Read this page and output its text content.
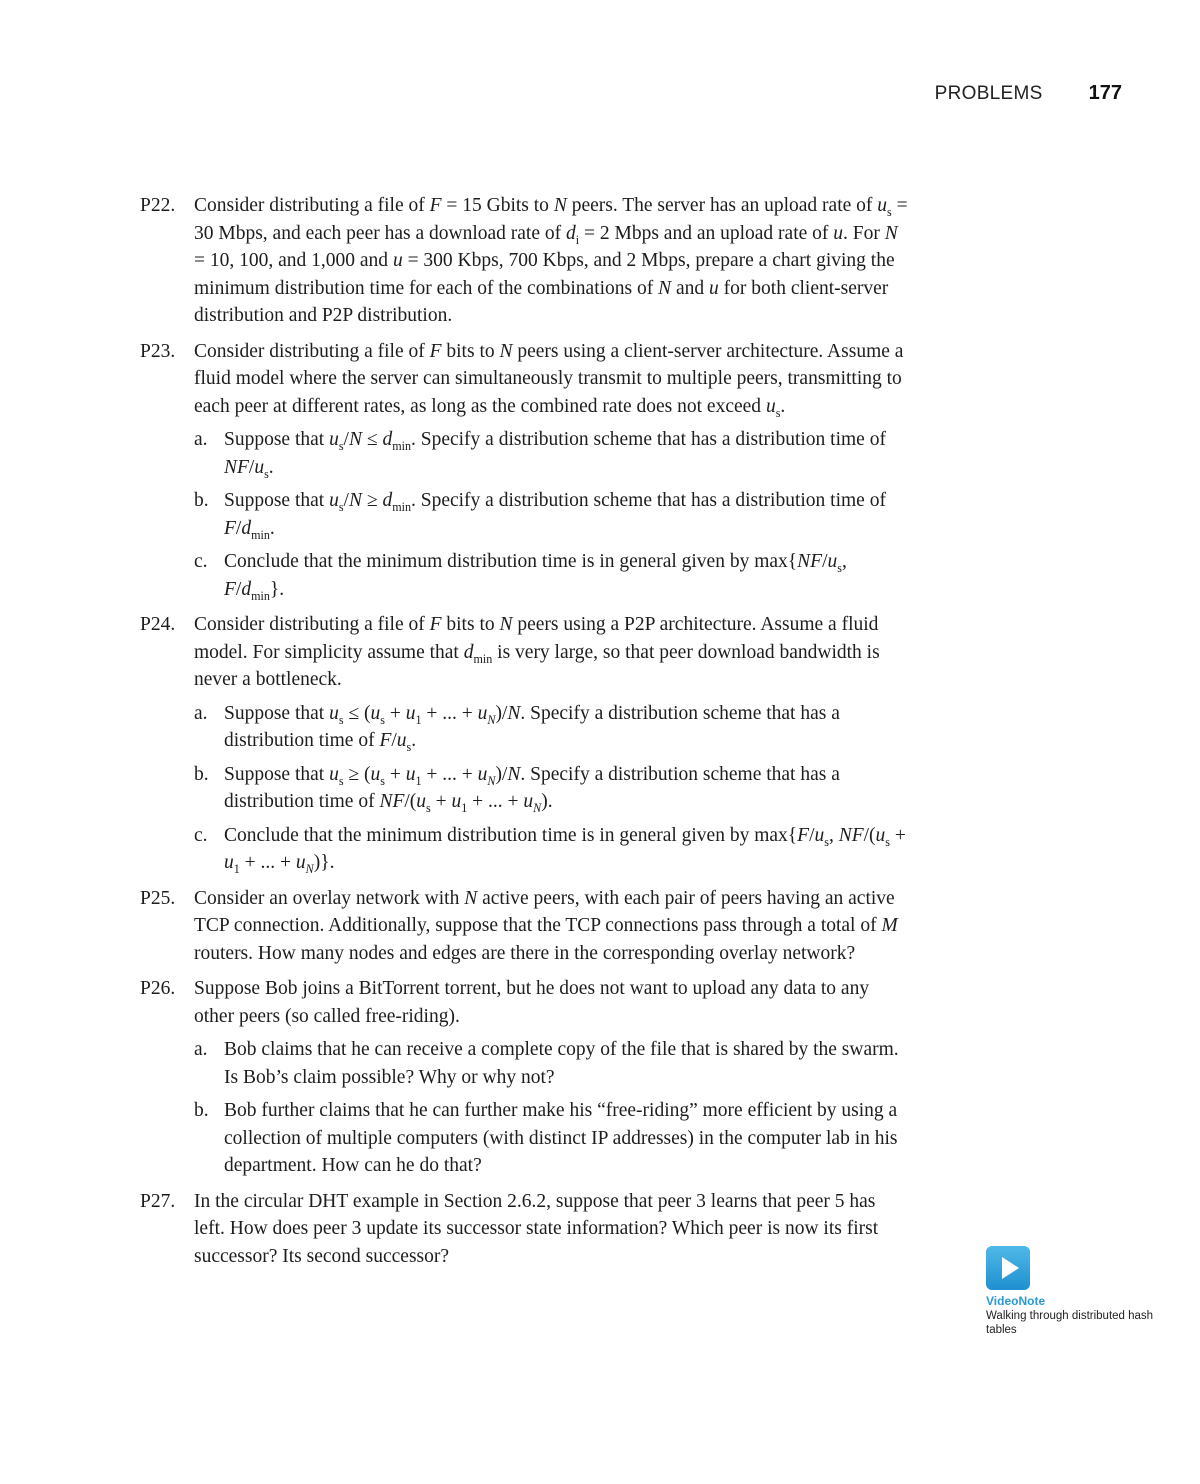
PROBLEMS 177
P22. Consider distributing a file of F = 15 Gbits to N peers. The server has an upload rate of $u_s = 30$ Mbps, and each peer has a download rate of $d_i = 2$ Mbps and an upload rate of u. For N = 10, 100, and 1,000 and u = 300 Kbps, 700 Kbps, and 2 Mbps, prepare a chart giving the minimum distribution time for each of the combinations of N and u for both client-server distribution and P2P distribution.
P23. Consider distributing a file of F bits to N peers using a client-server architecture. Assume a fluid model where the server can simultaneously transmit to multiple peers, transmitting to each peer at different rates, as long as the combined rate does not exceed $u_s$.
a. Suppose that $u_s/N \le d_{min}$. Specify a distribution scheme that has a distribution time of $NF/u_s$.
b. Suppose that $u_s/N \ge d_{min}$. Specify a distribution scheme that has a distribution time of $F/d_{min}$.
c. Conclude that the minimum distribution time is in general given by $\max\{NF/u_s$, $F/d_{min}$}.
P24. Consider distributing a file of F bits to N peers using a P2P architecture. Assume a fluid model. For simplicity assume that $d_{min}$ is very large, so that peer download bandwidth is never a bottleneck.
a. Suppose that $u_s \le (u_s + u_1$ + ... + $u_N)/N$. Specify a distribution scheme that has a distribution time of $F/u_s$.
b. Suppose that $u_s \ge (u_s + u_1$ + ... + $u_N)/N$. Specify a distribution scheme that has a distribution time of $NF/(u_s + u_1$ + ... + $u_N$).
c. Conclude that the minimum distribution time is in general given by $\max\{F/u_s$, $NF/(u_s + u_1$ + ... + $u_N$)}.
P25. Consider an overlay network with N active peers, with each pair of peers having an active TCP connection. Additionally, suppose that the TCP connections pass through a total of M routers. How many nodes and edges are there in the corresponding overlay network?
P26. Suppose Bob joins a BitTorrent torrent, but he does not want to upload any data to any other peers (so called free-riding).
a. Bob claims that he can receive a complete copy of the file that is shared by the swarm. Is Bob’s claim possible? Why or why not?
b. Bob further claims that he can further make his “free-riding” more efficient by using a collection of multiple computers (with distinct IP addresses) in the computer lab in his department. How can he do that?
P27. In the circular DHT example in Section 2.6.2, suppose that peer 3 learns that peer 5 has left. How does peer 3 update its successor state information? Which peer is now its first successor? Its second successor?
VideoNote
Walking through distributed hash tables
